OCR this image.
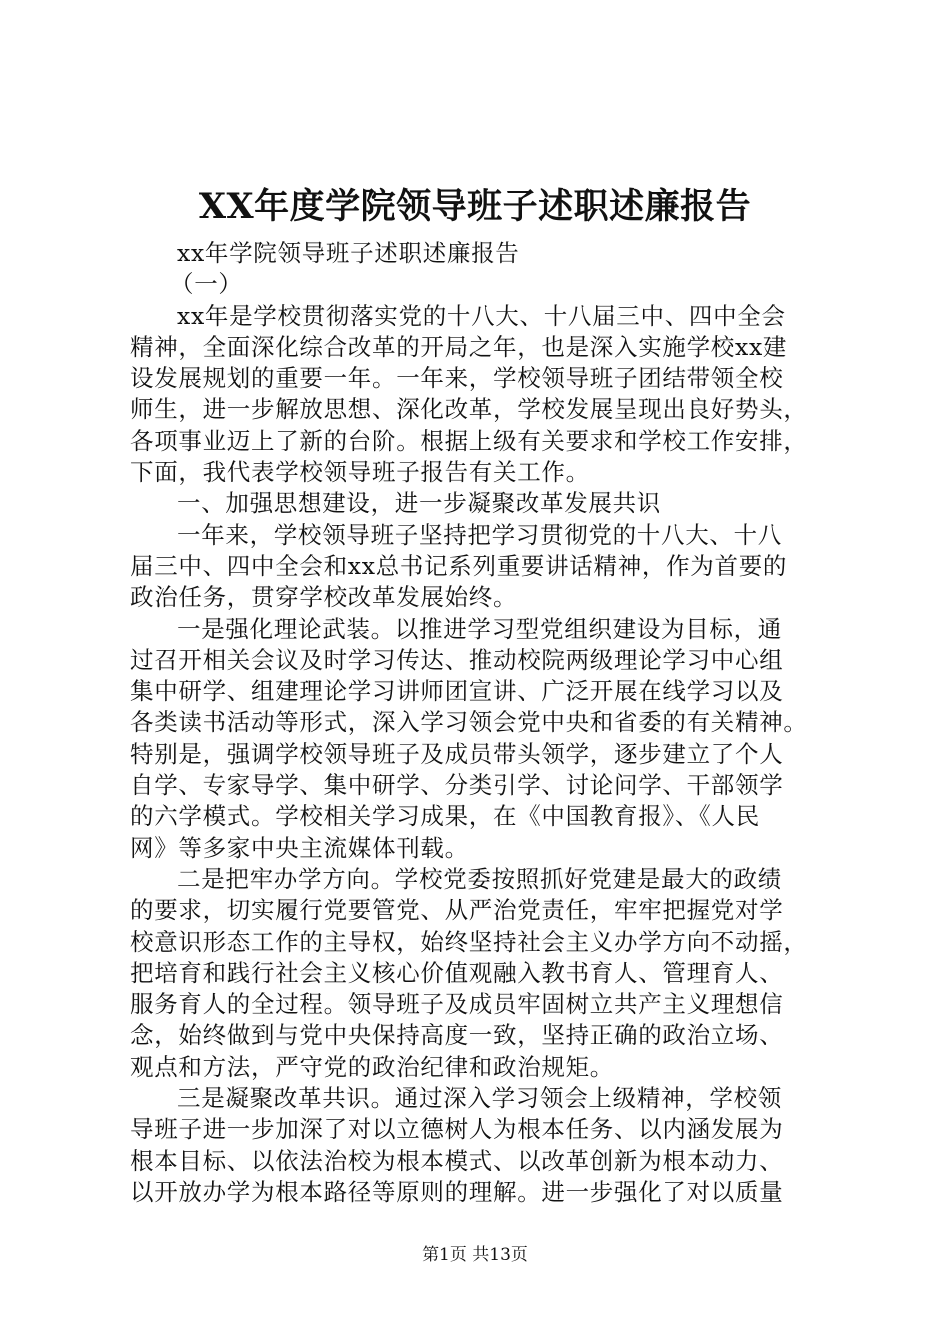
XX年度学院领导班子述职述廉报告
xx年学院领导班子述职述廉报告
（一）
xx年是学校贯彻落实党的十八大、十八届三中、四中全会
精神，全面深化综合改革的开局之年，也是深入实施学校xx建
设发展规划的重要一年。一年来，学校领导班子团结带领全校
师生，进一步解放思想、深化改革，学校发展呈现出良好势头，
各项事业迈上了新的台阶。根据上级有关要求和学校工作安排，
下面，我代表学校领导班子报告有关工作。
一、加强思想建设，进一步凝聚改革发展共识
一年来，学校领导班子坚持把学习贯彻党的十八大、十八
届三中、四中全会和xx总书记系列重要讲话精神，作为首要的
政治任务，贯穿学校改革发展始终。
一是强化理论武装。以推进学习型党组织建设为目标，通
过召开相关会议及时学习传达、推动校院两级理论学习中心组
集中研学、组建理论学习讲师团宣讲、广泛开展在线学习以及
各类读书活动等形式，深入学习领会党中央和省委的有关精神。
特别是，强调学校领导班子及成员带头领学，逐步建立了个人
自学、专家导学、集中研学、分类引学、讨论问学、干部领学
的六学模式。学校相关学习成果，在《中国教育报》、《人民
网》等多家中央主流媒体刊载。
二是把牢办学方向。学校党委按照抓好党建是最大的政绩
的要求，切实履行党要管党、从严治党责任，牢牢把握党对学
校意识形态工作的主导权，始终坚持社会主义办学方向不动摇，
把培育和践行社会主义核心价值观融入教书育人、管理育人、
服务育人的全过程。领导班子及成员牢固树立共产主义理想信
念，始终做到与党中央保持高度一致，坚持正确的政治立场、
观点和方法，严守党的政治纪律和政治规矩。
三是凝聚改革共识。通过深入学习领会上级精神，学校领
导班子进一步加深了对以立德树人为根本任务、以内涵发展为
根本目标、以依法治校为根本模式、以改革创新为根本动力、
以开放办学为根本路径等原则的理解。进一步强化了对以质量
第1页 共13页
